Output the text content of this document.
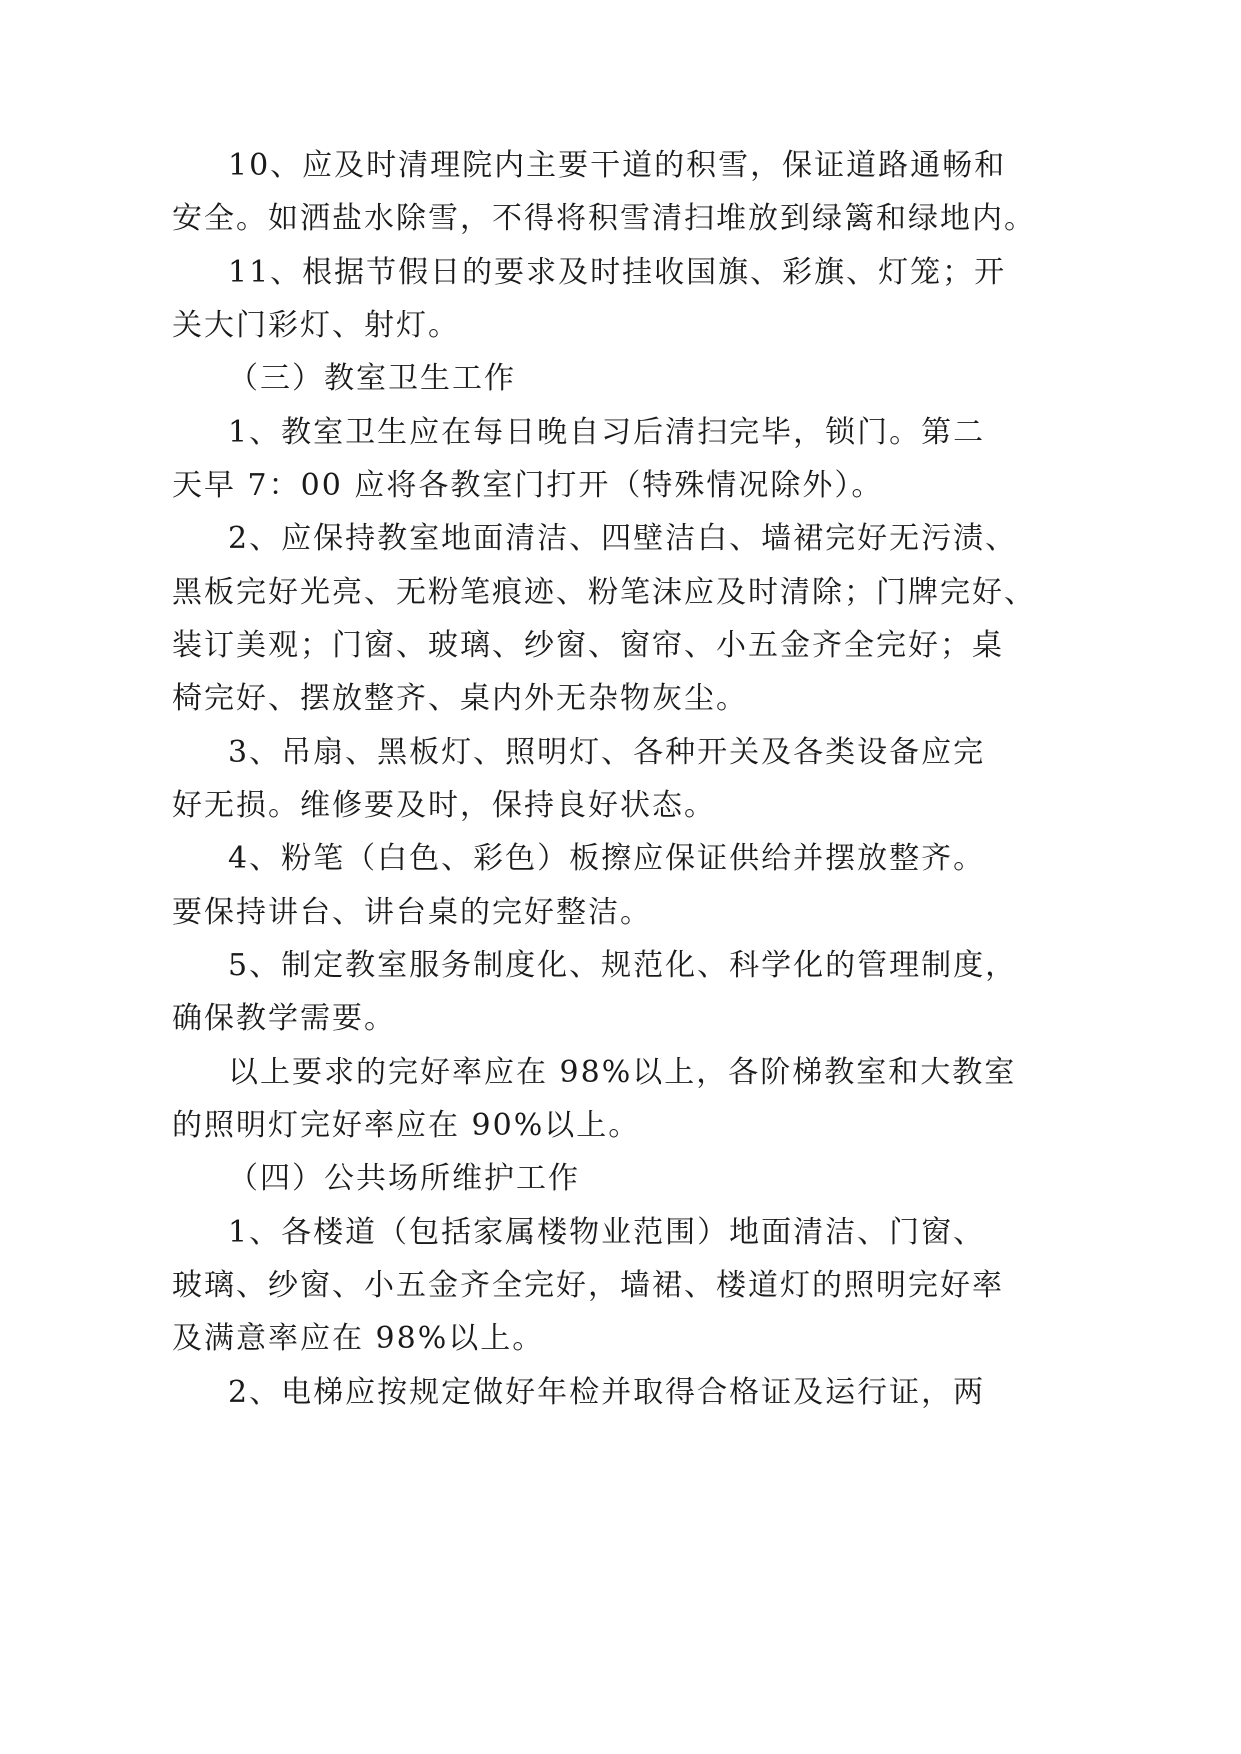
10、应及时清理院内主要干道的积雪，保证道路通畅和

安全。如洒盐水除雪，不得将积雪清扫堆放到绿篱和绿地内。

11、根据节假日的要求及时挂收国旗、彩旗、灯笼；开

关大门彩灯、射灯。

（三）教室卫生工作

1、教室卫生应在每日晚自习后清扫完毕，锁门。第二

天早 7：00 应将各教室门打开（特殊情况除外）。

2、应保持教室地面清洁、四壁洁白、墙裙完好无污渍、

黑板完好光亮、无粉笔痕迹、粉笔沫应及时清除；门牌完好、

装订美观；门窗、玻璃、纱窗、窗帘、小五金齐全完好；桌

椅完好、摆放整齐、桌内外无杂物灰尘。

3、吊扇、黑板灯、照明灯、各种开关及各类设备应完

好无损。维修要及时，保持良好状态。

4、粉笔（白色、彩色）板擦应保证供给并摆放整齐。

要保持讲台、讲台桌的完好整洁。

5、制定教室服务制度化、规范化、科学化的管理制度，

确保教学需要。

以上要求的完好率应在 98%以上，各阶梯教室和大教室

的照明灯完好率应在 90%以上。

（四）公共场所维护工作

1、各楼道（包括家属楼物业范围）地面清洁、门窗、

玻璃、纱窗、小五金齐全完好，墙裙、楼道灯的照明完好率

及满意率应在 98%以上。

2、电梯应按规定做好年检并取得合格证及运行证，两
